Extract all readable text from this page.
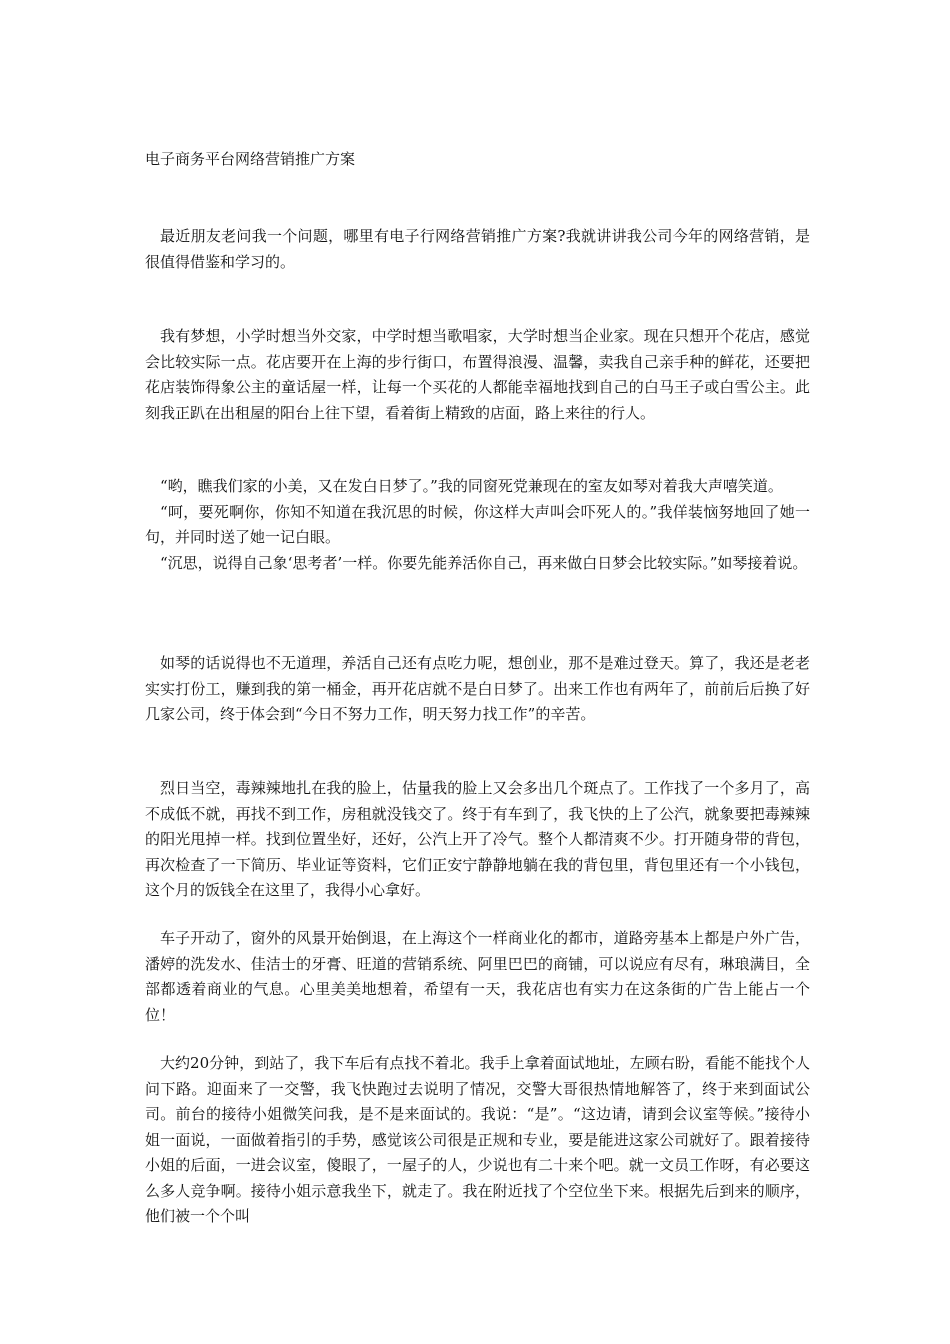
电子商务平台网络营销推广方案

最近朋友老问我一个问题，哪里有电子行网络营销推广方案?我就讲讲我公司今年的网络营销，是很值得借鉴和学习的。

我有梦想，小学时想当外交家，中学时想当歌唱家，大学时想当企业家。现在只想开个花店，感觉会比较实际一点。花店要开在上海的步行街口，布置得浪漫、温馨，卖我自己亲手种的鲜花，还要把花店装饰得象公主的童话屋一样，让每一个买花的人都能幸福地找到自己的白马王子或白雪公主。此刻我正趴在出租屋的阳台上往下望，看着街上精致的店面，路上来往的行人。

“哟，瞧我们家的小美，又在发白日梦了。”我的同窗死党兼现在的室友如琴对着我大声嘻笑道。

“呵，要死啊你，你知不知道在我沉思的时候，你这样大声叫会吓死人的。”我佯装恼努地回了她一句，并同时送了她一记白眼。

“沉思，说得自己象‘思考者’一样。你要先能养活你自己，再来做白日梦会比较实际。”如琴接着说。

如琴的话说得也不无道理，养活自己还有点吃力呢，想创业，那不是难过登天。算了，我还是老老实实打份工，赚到我的第一桶金，再开花店就不是白日梦了。出来工作也有两年了，前前后后换了好几家公司，终于体会到“今日不努力工作，明天努力找工作”的辛苦。

烈日当空，毒辣辣地扎在我的脸上，估量我的脸上又会多出几个斑点了。工作找了一个多月了，高不成低不就，再找不到工作，房租就没钱交了。终于有车到了，我飞快的上了公汽，就象要把毒辣辣的阳光甩掉一样。找到位置坐好，还好，公汽上开了冷气。整个人都清爽不少。打开随身带的背包，再次检查了一下简历、毕业证等资料，它们正安宁静静地躺在我的背包里，背包里还有一个小钱包，这个月的饭钱全在这里了，我得小心拿好。

车子开动了，窗外的风景开始倒退，在上海这个一样商业化的都市，道路旁基本上都是户外广告，潘婷的洗发水、佳洁士的牙膏、旺道的营销系统、阿里巴巴的商铺，可以说应有尽有，琳琅满目，全部都透着商业的气息。心里美美地想着，希望有一天，我花店也有实力在这条街的广告上能占一个位！

大约20分钟，到站了，我下车后有点找不着北。我手上拿着面试地址，左顾右盼，看能不能找个人问下路。迎面来了一交警，我飞快跑过去说明了情况，交警大哥很热情地解答了，终于来到面试公司。前台的接待小姐微笑问我，是不是来面试的。我说：“是”。“这边请，请到会议室等候。”接待小姐一面说，一面做着指引的手势，感觉该公司很是正规和专业，要是能进这家公司就好了。跟着接待小姐的后面，一进会议室，傻眼了，一屋子的人，少说也有二十来个吧。就一文员工作呀，有必要这么多人竞争啊。接待小姐示意我坐下，就走了。我在附近找了个空位坐下来。根据先后到来的顺序，他们被一个个叫
